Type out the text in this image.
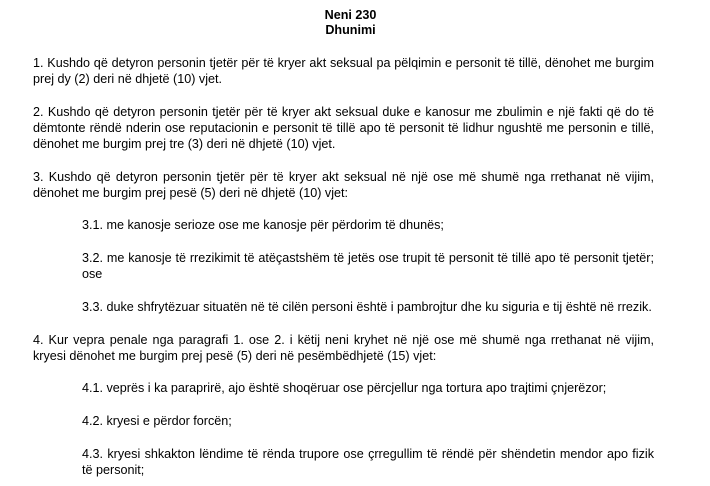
Neni 230
Dhunimi

1. Kushdo që detyron personin tjetër për të kryer akt seksual pa pëlqimin e personit të tillë, dënohet me burgim prej dy (2) deri në dhjetë (10) vjet.

2. Kushdo që detyron personin tjetër për të kryer akt seksual duke e kanosur me zbulimin e një fakti që do të dëmtonte rëndë nderin ose reputacionin e personit të tillë apo të personit të lidhur ngushtë me personin e tillë, dënohet me burgim prej tre (3) deri në dhjetë (10) vjet.

3. Kushdo që detyron personin tjetër për të kryer akt seksual në një ose më shumë nga rrethanat në vijim, dënohet me burgim prej pesë (5) deri në dhjetë (10) vjet:

3.1. me kanosje serioze ose me kanosje për përdorim të dhunës;

3.2. me kanosje të rrezikimit të atëçastshëm të jetës ose trupit të personit të tillë apo të personit tjetër; ose

3.3. duke shfrytëzuar situatën në të cilën personi është i pambrojtur dhe ku siguria e tij është në rrezik.

4. Kur vepra penale nga paragrafi 1. ose 2. i këtij neni kryhet në një ose më shumë nga rrethanat në vijim, kryesi dënohet me burgim prej pesë (5) deri në pesëmbëdhjetë (15) vjet:

4.1. veprës i ka paraprirë, ajo është shoqëruar ose përcjellur nga tortura apo trajtimi çnjerëzor;

4.2. kryesi e përdor forcën;

4.3. kryesi shkakton lëndime të rënda trupore ose çrregullim të rëndë për shëndetin mendor apo fizik të personit;
